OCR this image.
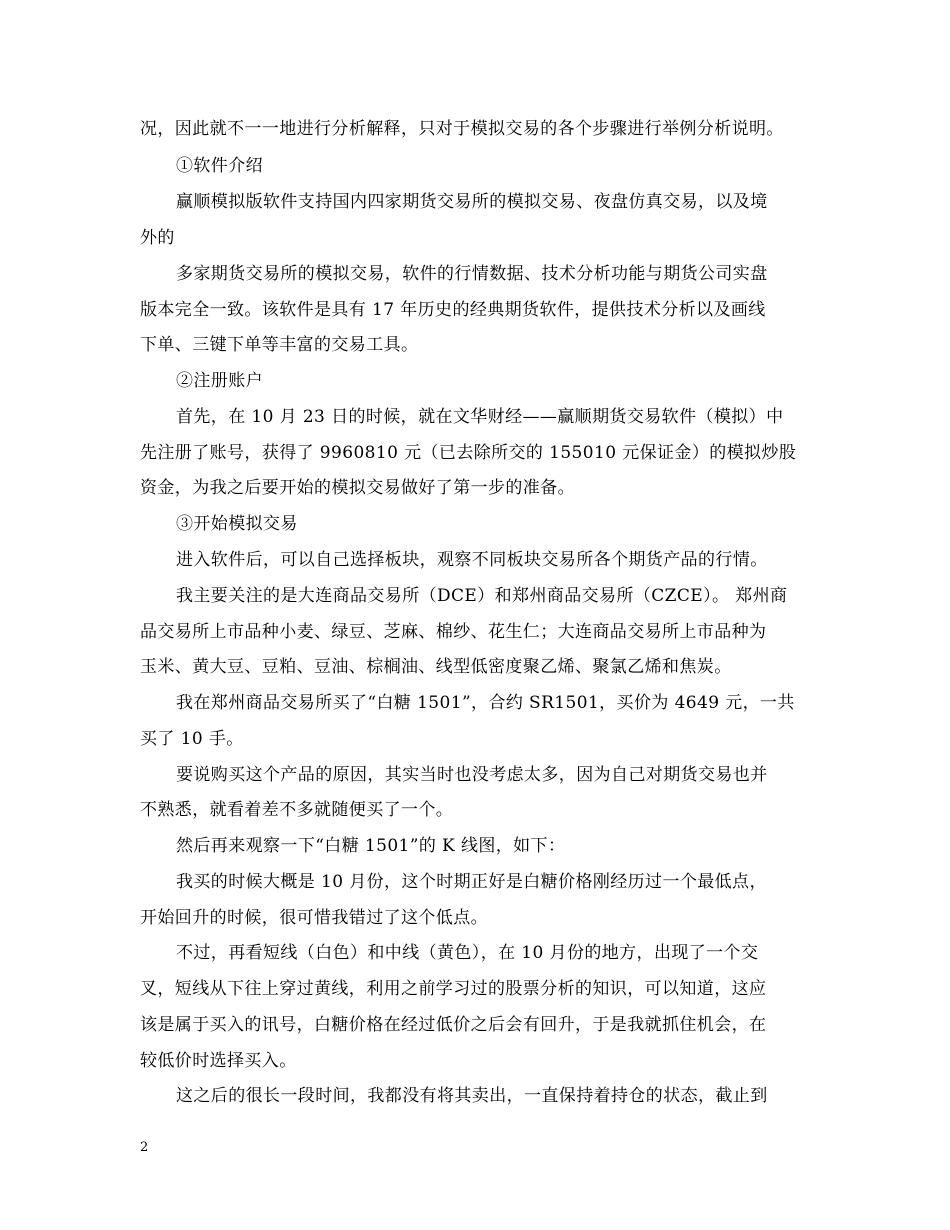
况，因此就不一一地进行分析解释，只对于模拟交易的各个步骤进行举例分析说明。
①软件介绍
赢顺模拟版软件支持国内四家期货交易所的模拟交易、夜盘仿真交易，以及境
外的
多家期货交易所的模拟交易，软件的行情数据、技术分析功能与期货公司实盘
版本完全一致。该软件是具有 17 年历史的经典期货软件，提供技术分析以及画线
下单、三键下单等丰富的交易工具。
②注册账户
首先，在 10 月 23 日的时候，就在文华财经——赢顺期货交易软件（模拟）中
先注册了账号，获得了 9960810 元（已去除所交的 155010 元保证金）的模拟炒股
资金，为我之后要开始的模拟交易做好了第一步的准备。
③开始模拟交易
进入软件后，可以自己选择板块，观察不同板块交易所各个期货产品的行情。
我主要关注的是大连商品交易所（DCE）和郑州商品交易所（CZCE）。 郑州商
品交易所上市品种小麦、绿豆、芝麻、棉纱、花生仁；大连商品交易所上市品种为
玉米、黄大豆、豆粕、豆油、棕榈油、线型低密度聚乙烯、聚氯乙烯和焦炭。
我在郑州商品交易所买了“白糖 1501”，合约 SR1501，买价为 4649 元，一共
买了 10 手。
要说购买这个产品的原因，其实当时也没考虑太多，因为自己对期货交易也并
不熟悉，就看着差不多就随便买了一个。
然后再来观察一下“白糖 1501”的 K 线图，如下：
我买的时候大概是 10 月份，这个时期正好是白糖价格刚经历过一个最低点，
开始回升的时候，很可惜我错过了这个低点。
不过，再看短线（白色）和中线（黄色），在 10 月份的地方，出现了一个交
叉，短线从下往上穿过黄线，利用之前学习过的股票分析的知识，可以知道，这应
该是属于买入的讯号，白糖价格在经过低价之后会有回升，于是我就抓住机会，在
较低价时选择买入。
这之后的很长一段时间，我都没有将其卖出，一直保持着持仓的状态，截止到
2
